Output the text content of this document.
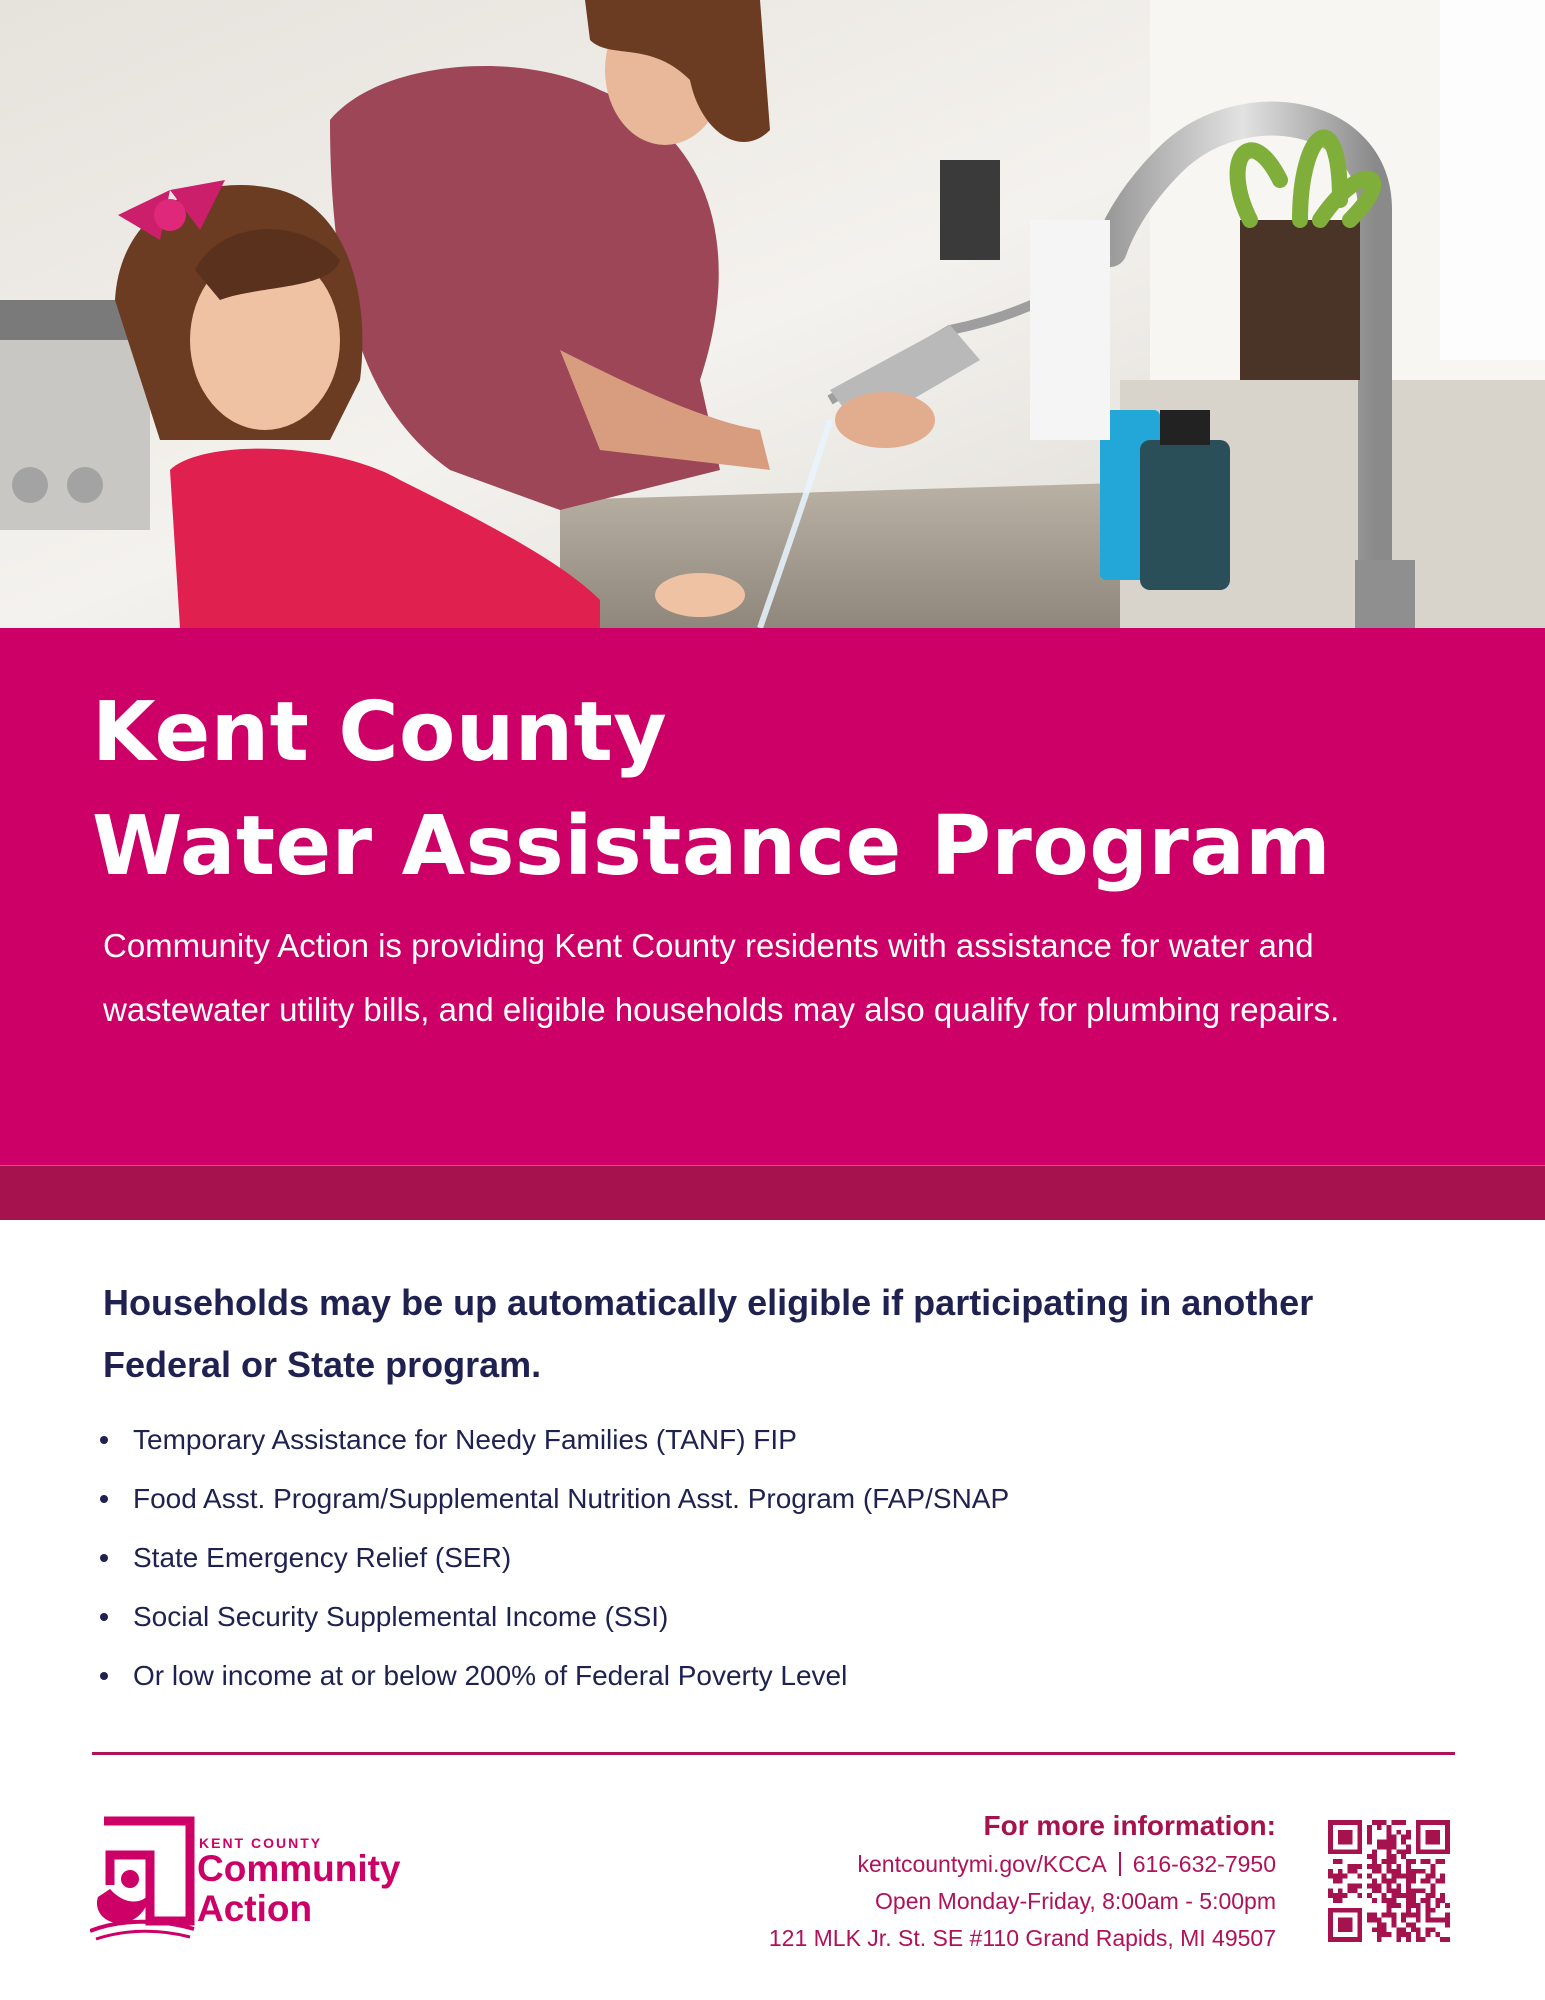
Kent County
Water Assistance Program

Community Action is providing Kent County residents with assistance for water and wastewater utility bills, and eligible households may also qualify for plumbing repairs.

Households may be up automatically eligible if participating in another Federal or State program.
Temporary Assistance for Needy Families (TANF) FIP
Food Asst. Program/Supplemental Nutrition Asst. Program (FAP/SNAP
State Emergency Relief (SER)
Social Security Supplemental Income (SSI)
Or low income at or below 200% of Federal Poverty Level

KENT COUNTY

Community
Action

For more information:
kentcountymi.gov/KCCA 616-632-7950
Open Monday-Friday, 8:00am - 5:00pm
121 MLK Jr. St. SE #110 Grand Rapids, MI 49507
